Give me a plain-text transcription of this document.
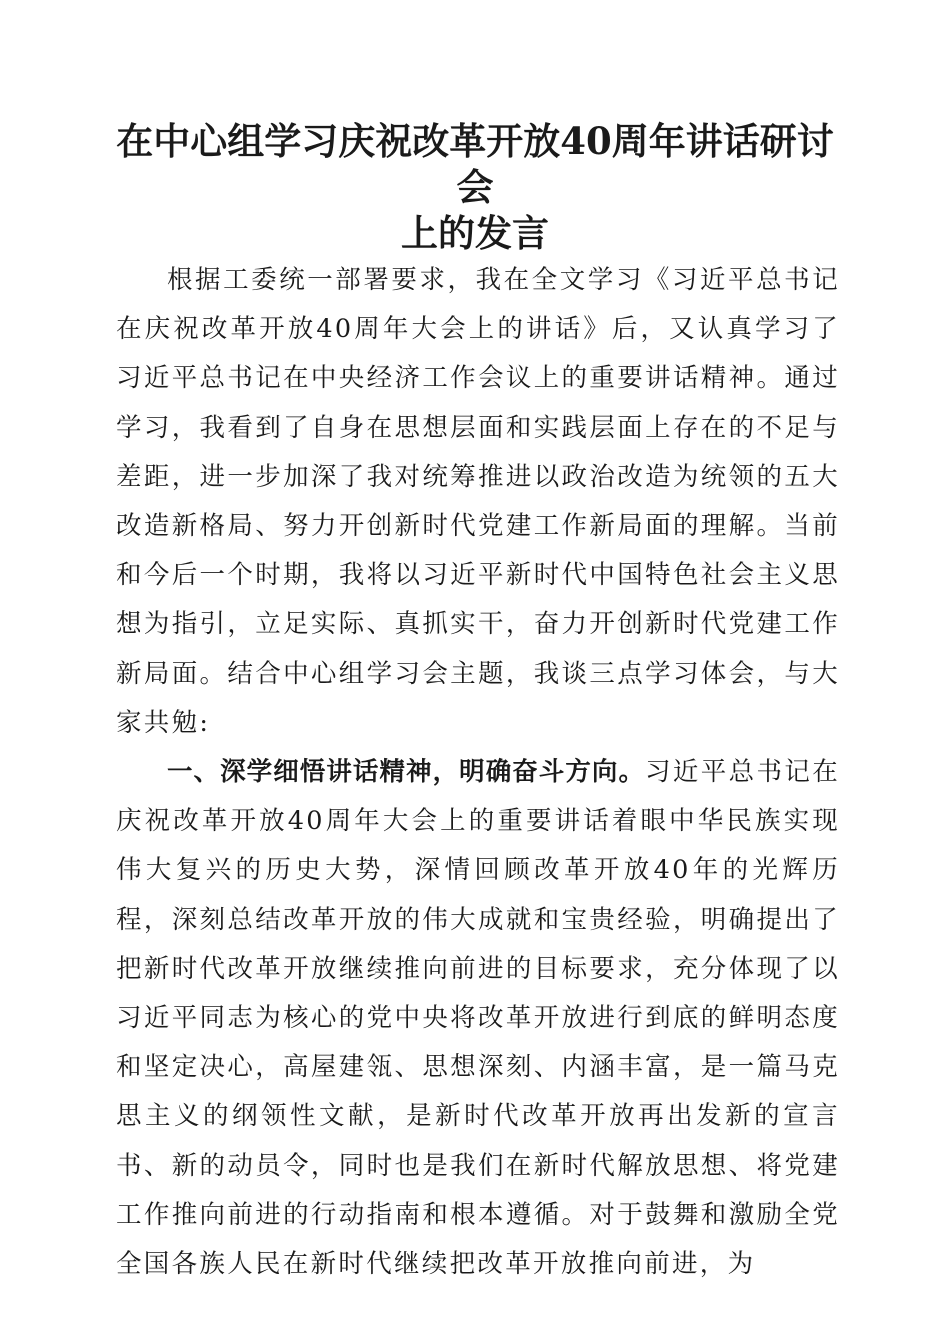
在中心组学习庆祝改革开放40周年讲话研讨会
上的发言

根据工委统一部署要求，我在全文学习《习近平总书记在庆祝改革开放40周年大会上的讲话》后，又认真学习了习近平总书记在中央经济工作会议上的重要讲话精神。通过学习，我看到了自身在思想层面和实践层面上存在的不足与差距，进一步加深了我对统筹推进以政治改造为统领的五大改造新格局、努力开创新时代党建工作新局面的理解。当前和今后一个时期，我将以习近平新时代中国特色社会主义思想为指引，立足实际、真抓实干，奋力开创新时代党建工作新局面。结合中心组学习会主题，我谈三点学习体会，与大家共勉:

一、深学细悟讲话精神，明确奋斗方向。习近平总书记在庆祝改革开放40周年大会上的重要讲话着眼中华民族实现伟大复兴的历史大势，深情回顾改革开放40年的光辉历程，深刻总结改革开放的伟大成就和宝贵经验，明确提出了把新时代改革开放继续推向前进的目标要求，充分体现了以习近平同志为核心的党中央将改革开放进行到底的鲜明态度和坚定决心，高屋建瓴、思想深刻、内涵丰富，是一篇马克思主义的纲领性文献，是新时代改革开放再出发新的宣言书、新的动员令，同时也是我们在新时代解放思想、将党建工作推向前进的行动指南和根本遵循。对于鼓舞和激励全党全国各族人民在新时代继续把改革开放推向前进，为
